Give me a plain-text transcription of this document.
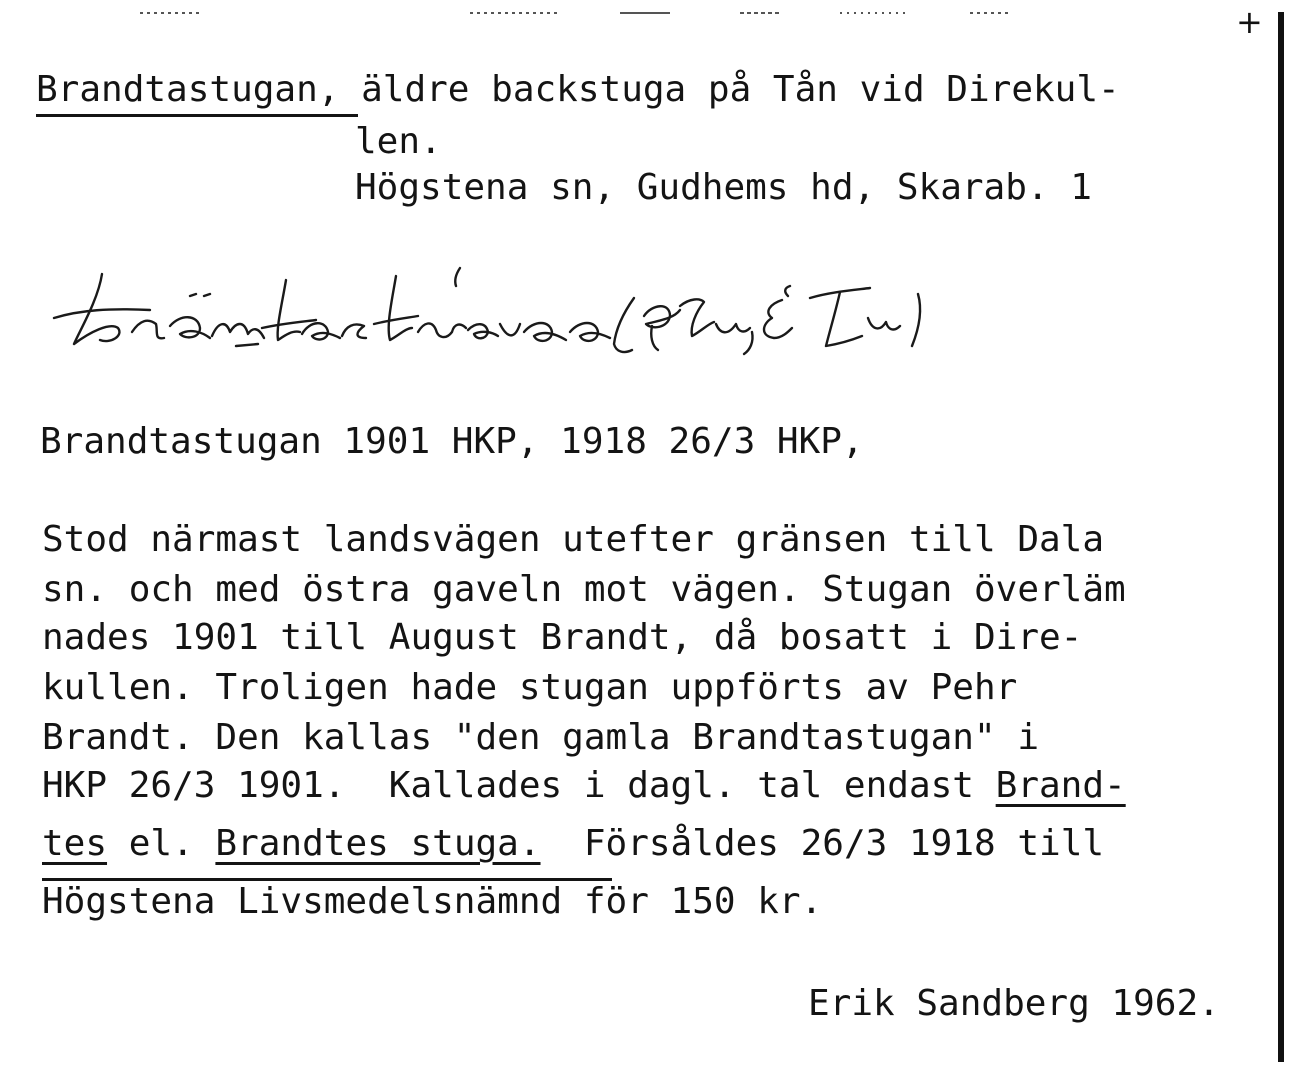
+
Brandtastugan, äldre backstuga på Tån vid Direkul-
len.
Högstena sn, Gudhems hd, Skarab. 1
bräntastüva (Gtu, E Fu)
Brandtastugan 1901 HKP, 1918 26/3 HKP,
Stod närmast landsvägen utefter gränsen till Dala
sn. och med östra gaveln mot vägen. Stugan överläm
nades 1901 till August Brandt, då bosatt i Dire-
kullen. Troligen hade stugan uppförts av Pehr
Brandt. Den kallas "den gamla Brandtastugan" i
HKP 26/3 1901.  Kallades i dagl. tal endast Brand-
tes el. Brandtes stuga.  Försåldes 26/3 1918 till
Högstena Livsmedelsnämnd för 150 kr.
Erik Sandberg 1962.
